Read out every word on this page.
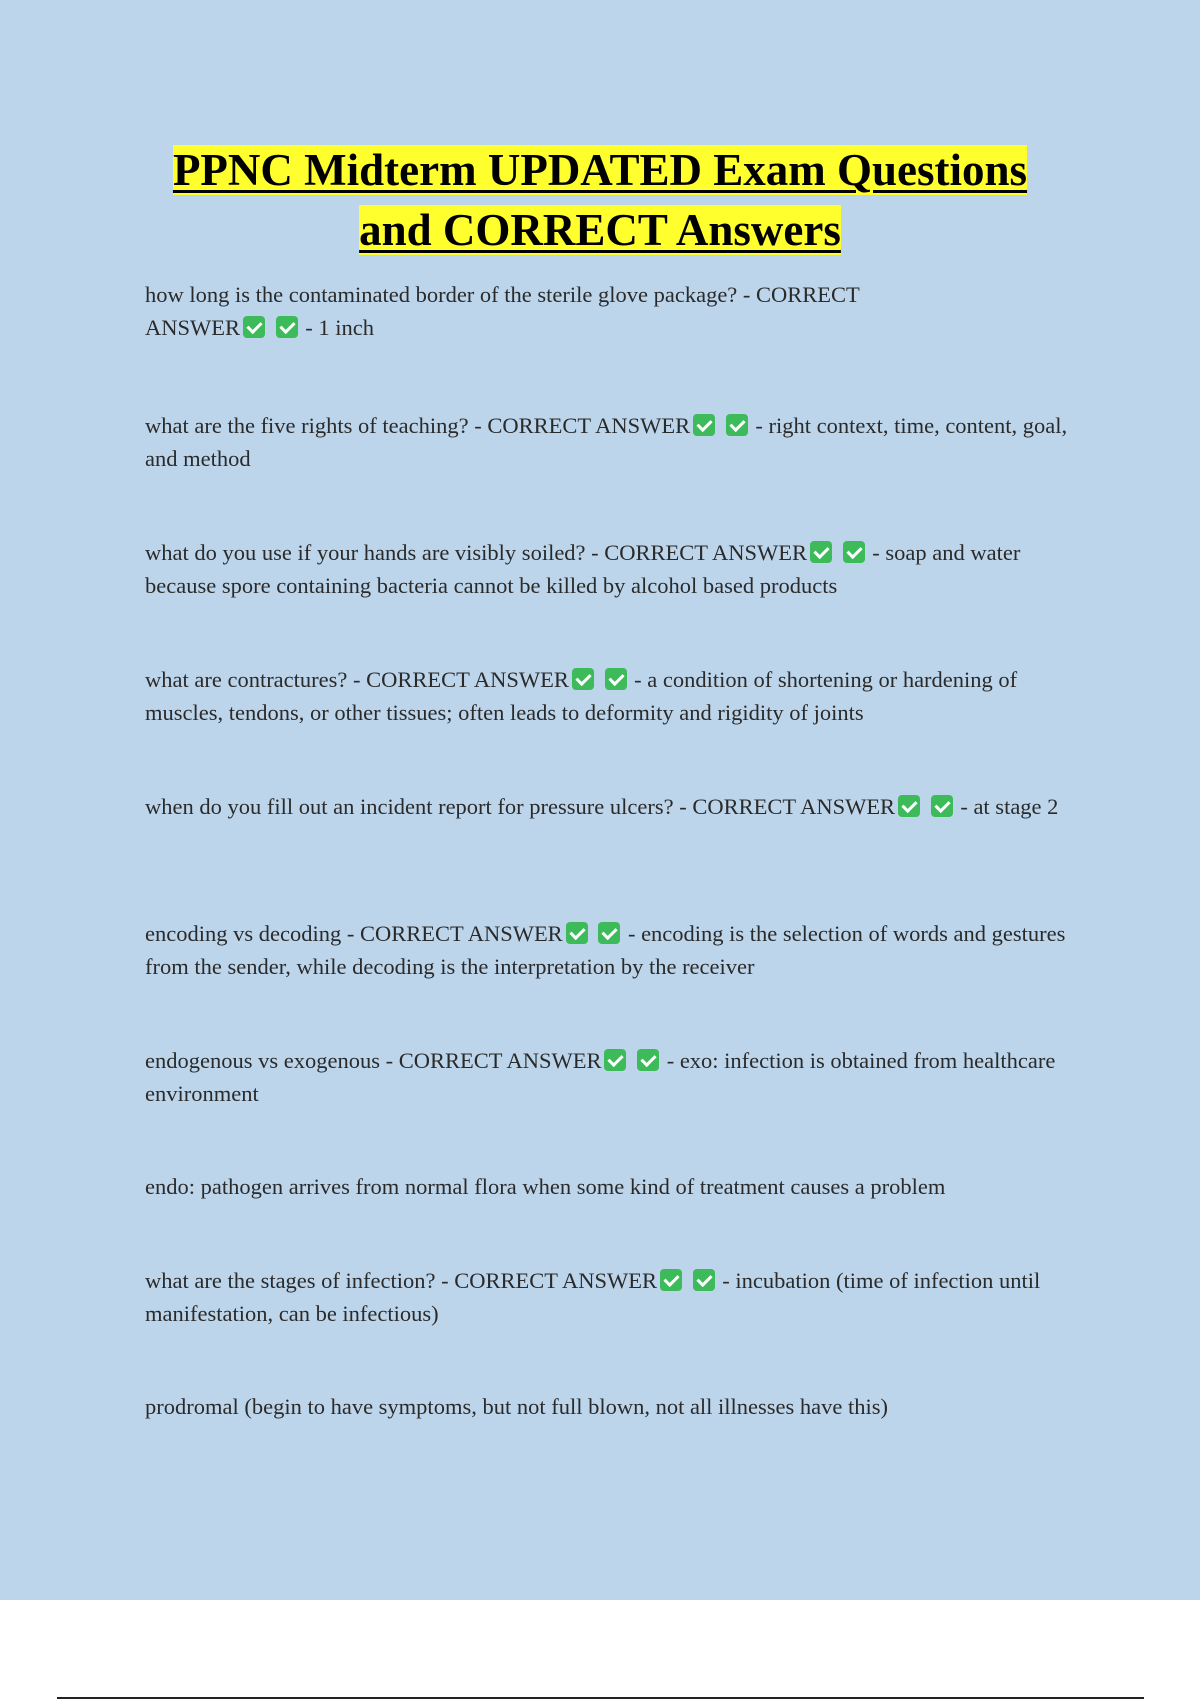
PPNC Midterm UPDATED Exam Questions
and CORRECT Answers
how long is the contaminated border of the sterile glove package? - CORRECT
ANSWER	- 1 inch
what are the five rights of teaching? - CORRECT ANSWER	- right context, time, content, goal, and method
what do you use if your hands are visibly soiled? - CORRECT ANSWER	- soap and water because spore containing bacteria cannot be killed by alcohol based products
what are contractures? - CORRECT ANSWER	- a condition of shortening or hardening of muscles, tendons, or other tissues; often leads to deformity and rigidity of joints
when do you fill out an incident report for pressure ulcers? - CORRECT ANSWER	- at stage 2
encoding vs decoding - CORRECT ANSWER	- encoding is the selection of words and gestures from the sender, while decoding is the interpretation by the receiver
endogenous vs exogenous - CORRECT ANSWER	- exo: infection is obtained from healthcare environment
endo: pathogen arrives from normal flora when some kind of treatment causes a problem
what are the stages of infection? - CORRECT ANSWER	- incubation (time of infection until manifestation, can be infectious)
prodromal (begin to have symptoms, but not full blown, not all illnesses have this)
